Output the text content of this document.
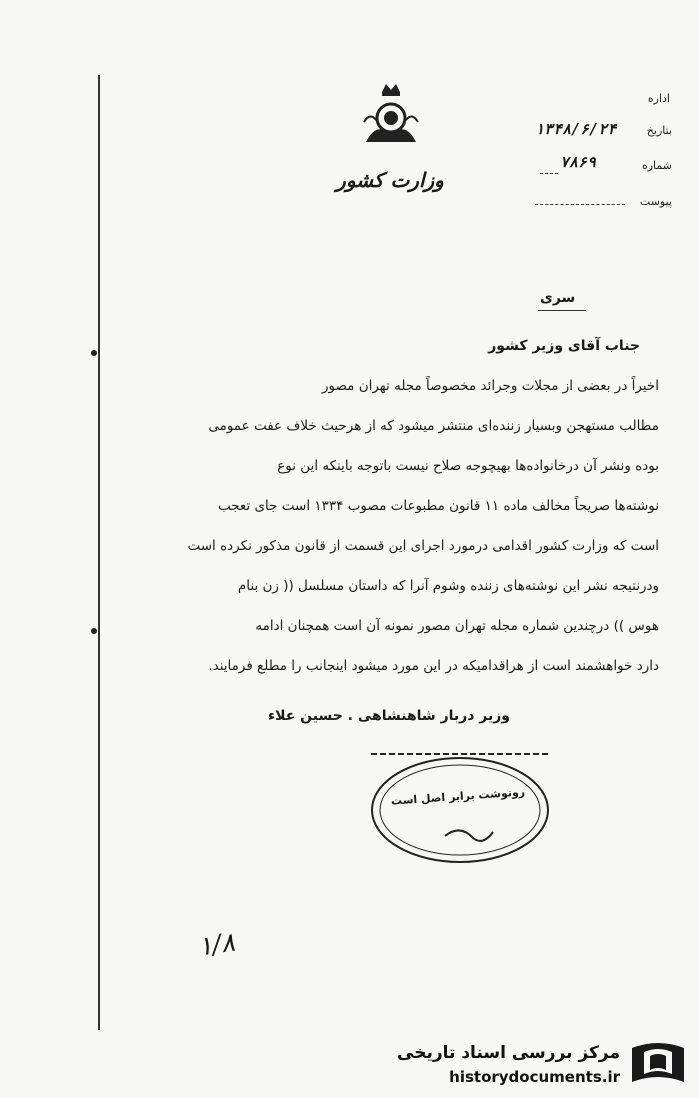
وزارت کشور
اداره
بتاریخ
۱۳۴۸/۶/۲۴
شماره
۷۸۶۹
پیوست
سری
جناب آقای وزیر کشور
اخیراً در بعضی از مجلات وجرائد مخصوصاً مجله تهران مصور
مطالب مستهجن وبسیار زننده‌ای منتشر میشود که از هرحیث خلاف عفت عمومی
بوده ونشر آن درخانواده‌ها بهیچوجه صلاح نیست باتوجه باینکه این نوع
نوشته‌ها صریحاً مخالف ماده ۱۱ قانون مطبوعات مصوب ۱۳۳۴ است جای تعجب
است که وزارت کشور اقدامی درمورد اجرای این قسمت از قانون مذکور نکرده است
ودرنتیجه نشر این نوشته‌های زننده وشوم آنرا که داستان مسلسل (( زن بنام
هوس )) درچندین شماره مجله تهران مصور نمونه آن است همچنان ادامه
دارد خواهشمند است از هراقدامیکه در این مورد میشود اینجانب را مطلع فرمایند.
وزیر دربار شاهنشاهی . حسین علاء
رونوشت برابر اصل است
۱/۸
مرکز بررسی اسناد تاریخی
historydocuments.ir
